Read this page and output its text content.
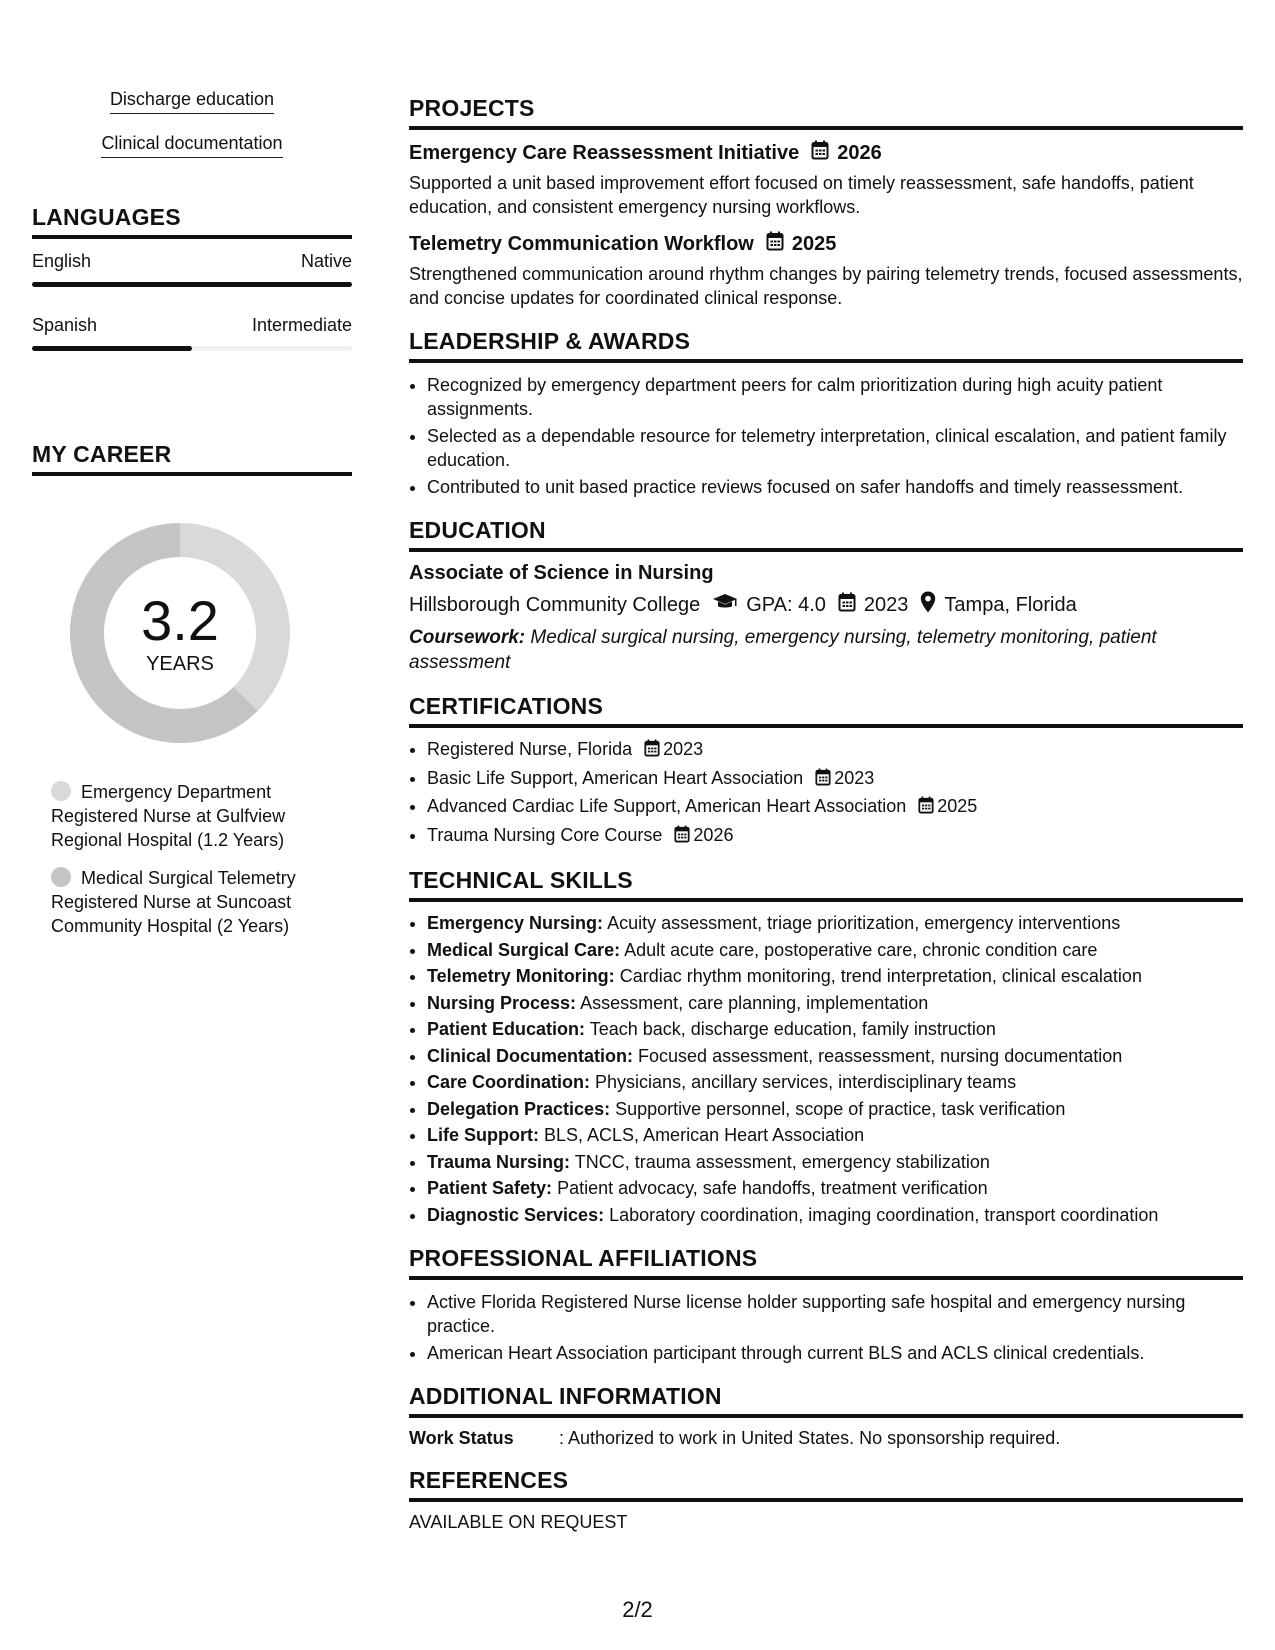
Discharge education
Clinical documentation
LANGUAGES
English	Native
Spanish	Intermediate
MY CAREER
3.2
YEARS
Emergency Department Registered Nurse at Gulfview Regional Hospital (1.2 Years)
Medical Surgical Telemetry Registered Nurse at Suncoast Community Hospital (2 Years)
PROJECTS
Emergency Care Reassessment Initiative 2026
Supported a unit based improvement effort focused on timely reassessment, safe handoffs, patient education, and consistent emergency nursing workflows.
Telemetry Communication Workflow 2025
Strengthened communication around rhythm changes by pairing telemetry trends, focused assessments, and concise updates for coordinated clinical response.
LEADERSHIP & AWARDS
• Recognized by emergency department peers for calm prioritization during high acuity patient assignments.
• Selected as a dependable resource for telemetry interpretation, clinical escalation, and patient family education.
• Contributed to unit based practice reviews focused on safer handoffs and timely reassessment.
EDUCATION
Associate of Science in Nursing
Hillsborough Community College GPA: 4.0 2023 Tampa, Florida
Coursework: Medical surgical nursing, emergency nursing, telemetry monitoring, patient assessment
CERTIFICATIONS
• Registered Nurse, Florida 2023
• Basic Life Support, American Heart Association 2023
• Advanced Cardiac Life Support, American Heart Association 2025
• Trauma Nursing Core Course 2026
TECHNICAL SKILLS
• Emergency Nursing: Acuity assessment, triage prioritization, emergency interventions
• Medical Surgical Care: Adult acute care, postoperative care, chronic condition care
• Telemetry Monitoring: Cardiac rhythm monitoring, trend interpretation, clinical escalation
• Nursing Process: Assessment, care planning, implementation
• Patient Education: Teach back, discharge education, family instruction
• Clinical Documentation: Focused assessment, reassessment, nursing documentation
• Care Coordination: Physicians, ancillary services, interdisciplinary teams
• Delegation Practices: Supportive personnel, scope of practice, task verification
• Life Support: BLS, ACLS, American Heart Association
• Trauma Nursing: TNCC, trauma assessment, emergency stabilization
• Patient Safety: Patient advocacy, safe handoffs, treatment verification
• Diagnostic Services: Laboratory coordination, imaging coordination, transport coordination
PROFESSIONAL AFFILIATIONS
• Active Florida Registered Nurse license holder supporting safe hospital and emergency nursing practice.
• American Heart Association participant through current BLS and ACLS clinical credentials.
ADDITIONAL INFORMATION
Work Status	: Authorized to work in United States. No sponsorship required.
REFERENCES
AVAILABLE ON REQUEST
2/2
